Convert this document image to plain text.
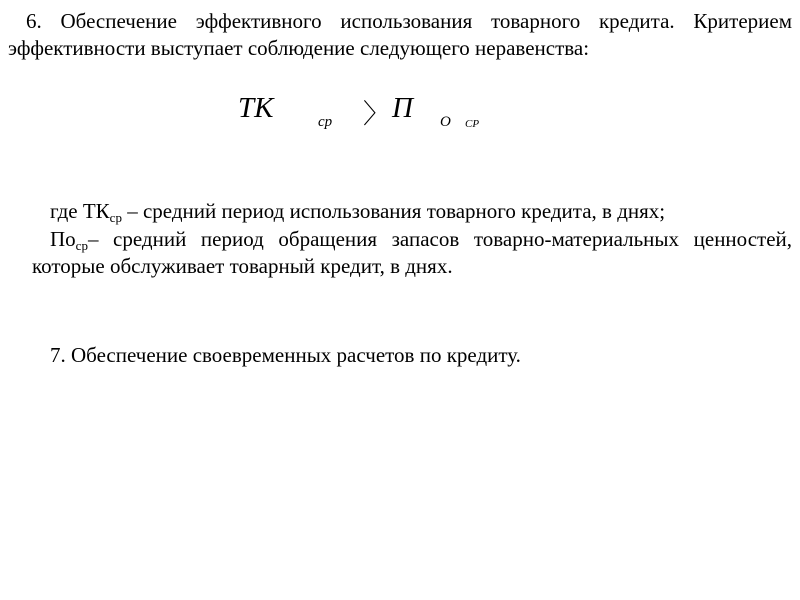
6. Обеспечение эффективного использования товарного кредита. Критерием эффективности выступает соблюдение следующего неравенства:

ТК	ср 〉 П О СР

где $ТК_{ср}$ – средний период использования товарного кредита, в днях;

$По_{ср}-$ средний период обращения запасов товарно-материальных ценностей, которые обслуживает товарный кредит, в днях.

7. Обеспечение своевременных расчетов по кредиту.
